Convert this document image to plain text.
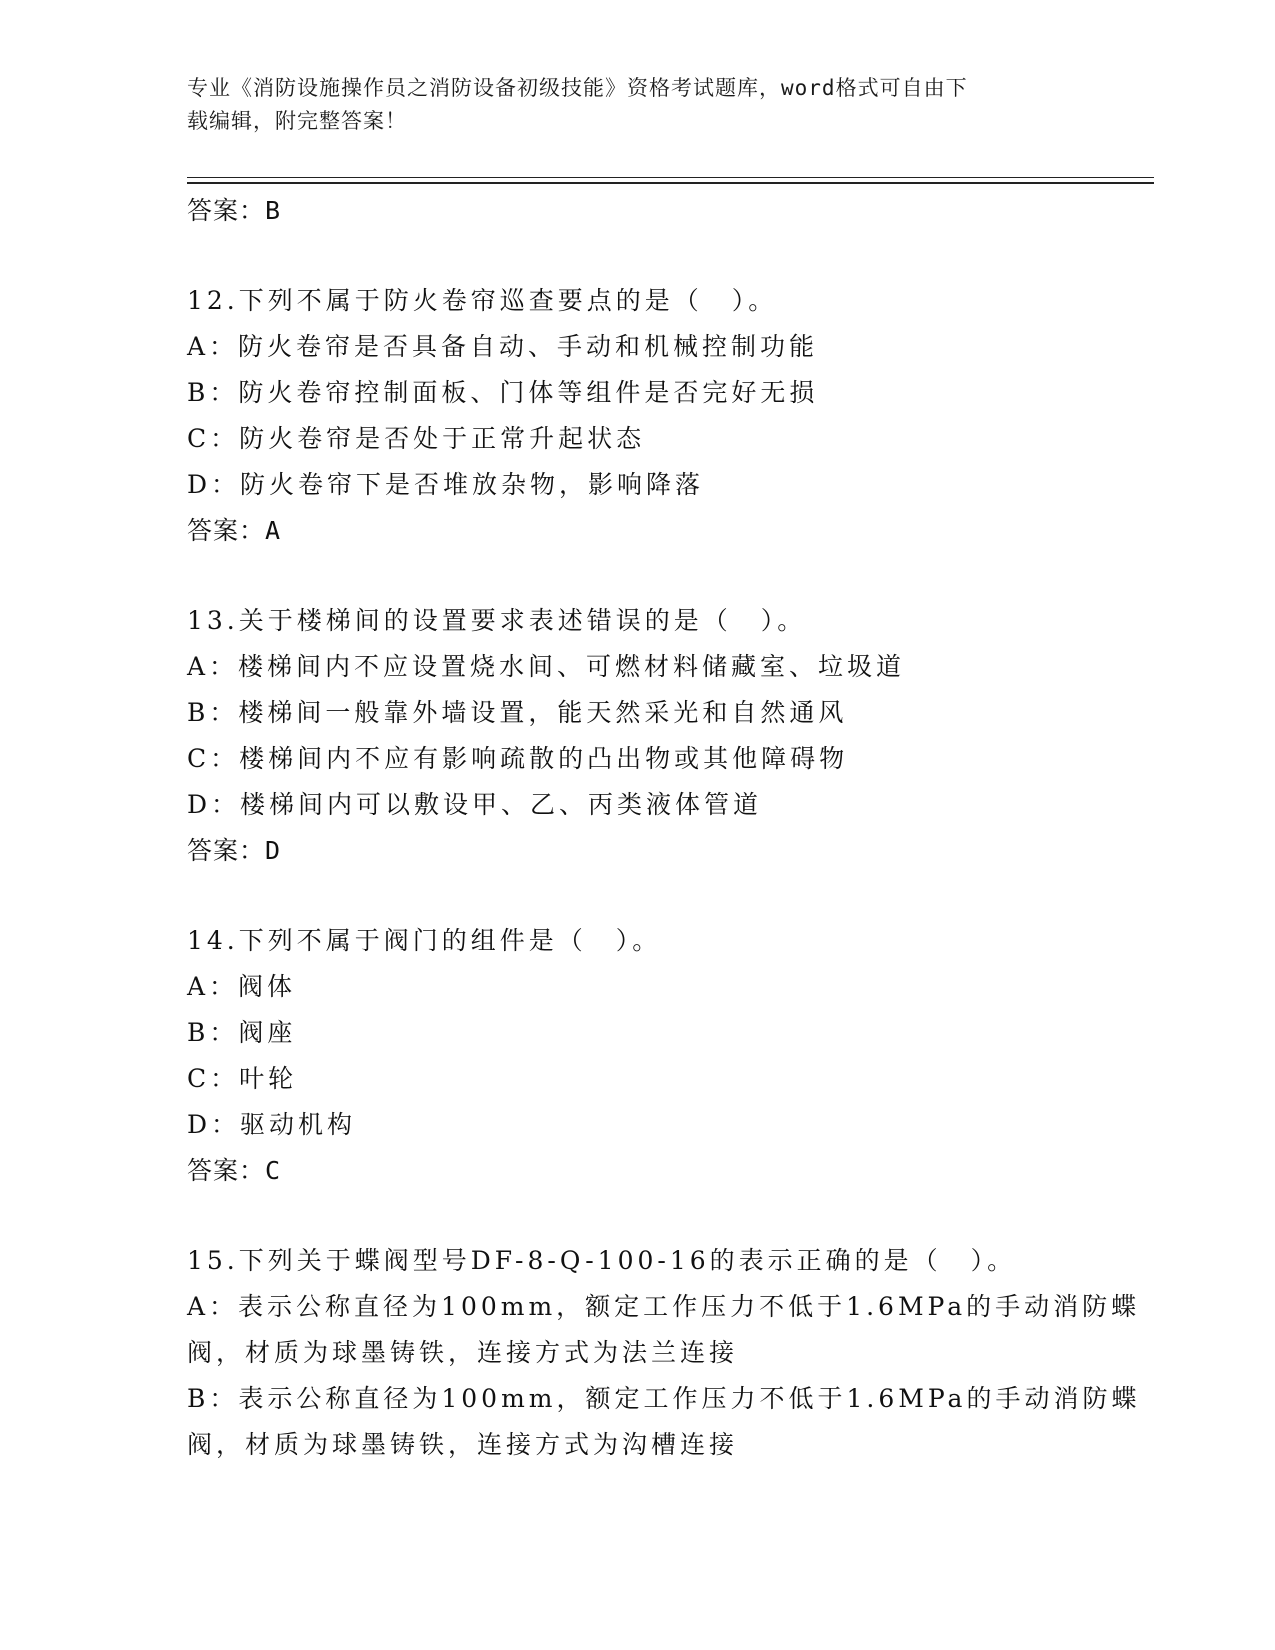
专业《消防设施操作员之消防设备初级技能》资格考试题库，word格式可自由下
载编辑，附完整答案！
答案：B
12.下列不属于防火卷帘巡查要点的是（　）。
A：防火卷帘是否具备自动、手动和机械控制功能
B：防火卷帘控制面板、门体等组件是否完好无损
C：防火卷帘是否处于正常升起状态
D：防火卷帘下是否堆放杂物，影响降落
答案：A
13.关于楼梯间的设置要求表述错误的是（　）。
A：楼梯间内不应设置烧水间、可燃材料储藏室、垃圾道
B：楼梯间一般靠外墙设置，能天然采光和自然通风
C：楼梯间内不应有影响疏散的凸出物或其他障碍物
D：楼梯间内可以敷设甲、乙、丙类液体管道
答案：D
14.下列不属于阀门的组件是（　）。
A：阀体
B：阀座
C：叶轮
D：驱动机构
答案：C
15.下列关于蝶阀型号DF-8-Q-100-16的表示正确的是（　）。
A：表示公称直径为100mm，额定工作压力不低于1.6MPa的手动消防蝶
阀，材质为球墨铸铁，连接方式为法兰连接
B：表示公称直径为100mm，额定工作压力不低于1.6MPa的手动消防蝶
阀，材质为球墨铸铁，连接方式为沟槽连接
